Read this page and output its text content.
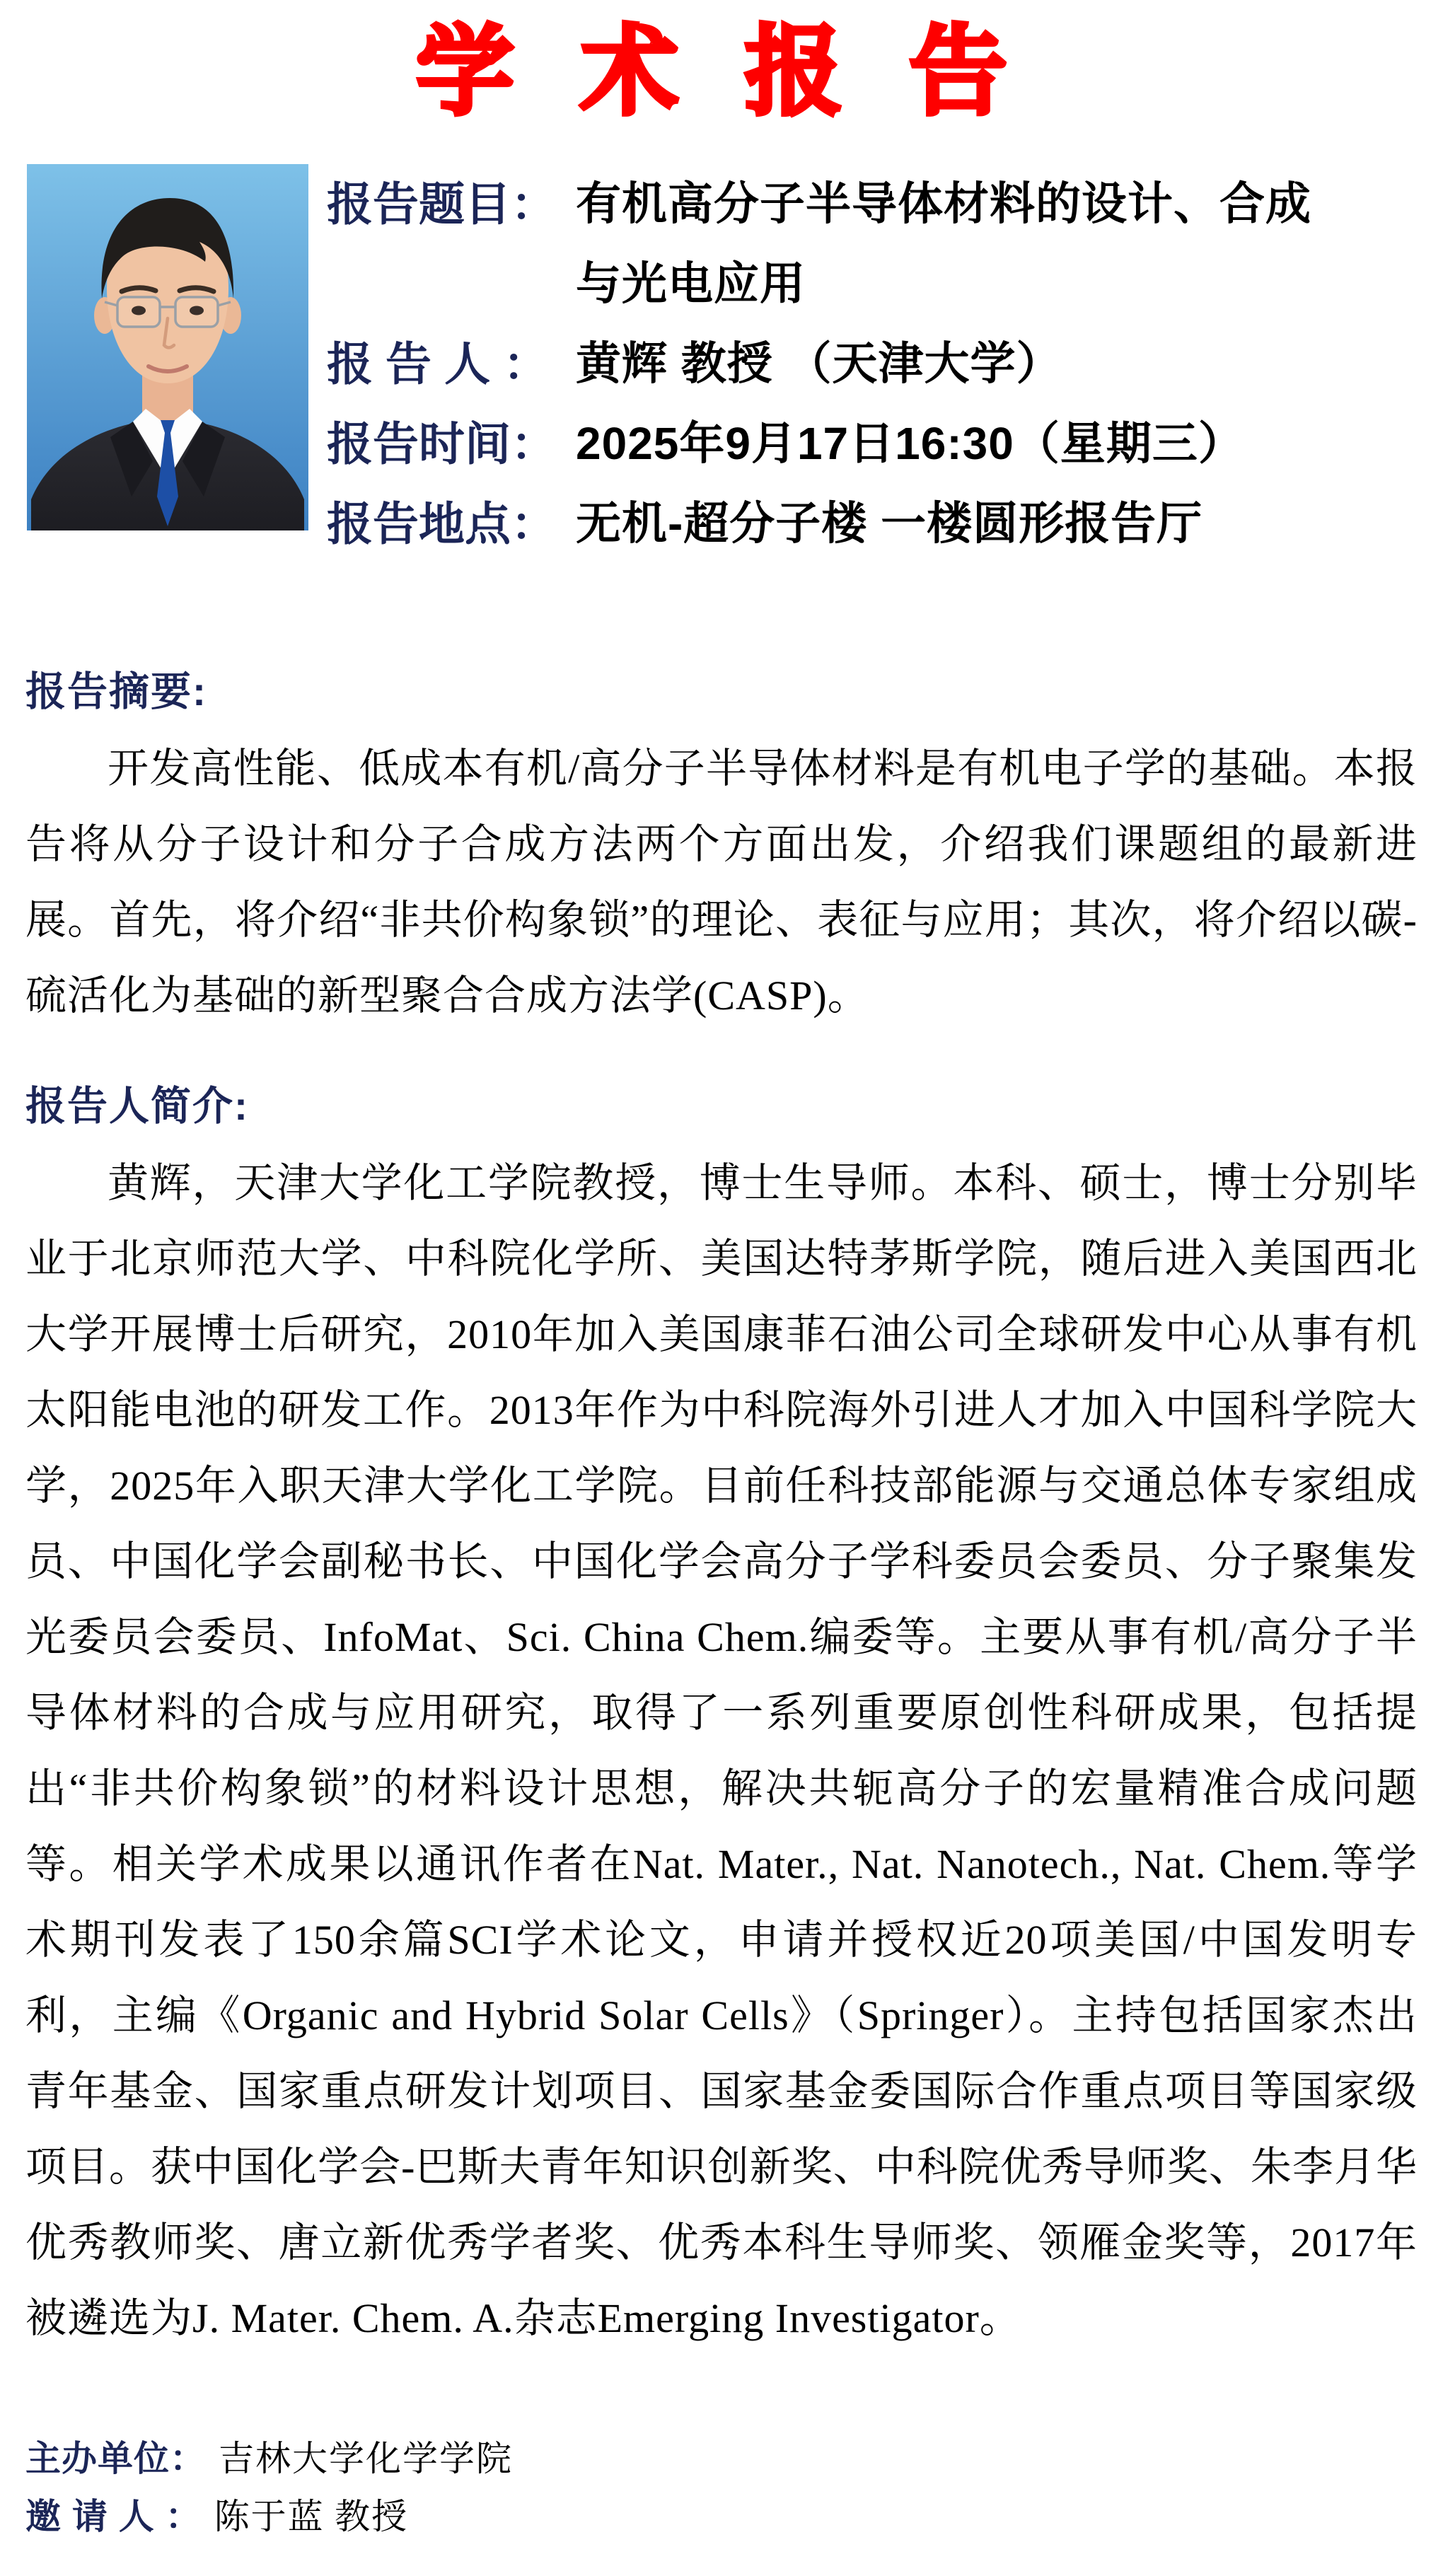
学 术 报 告
报告题目： 有机高分子半导体材料的设计、合成
与光电应用
报 告 人 ： 黄辉 教授 （天津大学）
报告时间： 2025年9月17日16:30（星期三）
报告地点： 无机-超分子楼 一楼圆形报告厅
报告摘要:

开发高性能、低成本有机/高分子半导体材料是有机电子学的基础。本报告将从分子设计和分子合成方法两个方面出发，介绍我们课题组的最新进展。首先，将介绍“非共价构象锁”的理论、表征与应用；其次，将介绍以碳-硫活化为基础的新型聚合合成方法学(CASP)。

报告人简介:

黄辉，天津大学化工学院教授，博士生导师。本科、硕士，博士分别毕业于北京师范大学、中科院化学所、美国达特茅斯学院，随后进入美国西北大学开展博士后研究，2010年加入美国康菲石油公司全球研发中心从事有机太阳能电池的研发工作。2013年作为中科院海外引进人才加入中国科学院大学，2025年入职天津大学化工学院。目前任科技部能源与交通总体专家组成员、中国化学会副秘书长、中国化学会高分子学科委员会委员、分子聚集发光委员会委员、InfoMat、Sci. China Chem.编委等。主要从事有机/高分子半导体材料的合成与应用研究，取得了一系列重要原创性科研成果，包括提出“非共价构象锁”的材料设计思想，解决共轭高分子的宏量精准合成问题等。相关学术成果以通讯作者在Nat. Mater., Nat. Nanotech., Nat. Chem.等学术期刊发表了150余篇SCI学术论文，申请并授权近20项美国/中国发明专利，主编《Organic and Hybrid Solar Cells》（Springer）。主持包括国家杰出青年基金、国家重点研发计划项目、国家基金委国际合作重点项目等国家级项目。获中国化学会-巴斯夫青年知识创新奖、中科院优秀导师奖、朱李月华优秀教师奖、唐立新优秀学者奖、优秀本科生导师奖、领雁金奖等，2017年被遴选为J. Mater. Chem. A.杂志Emerging Investigator。

主办单位： 吉林大学化学学院
邀 请 人 ： 陈于蓝 教授
